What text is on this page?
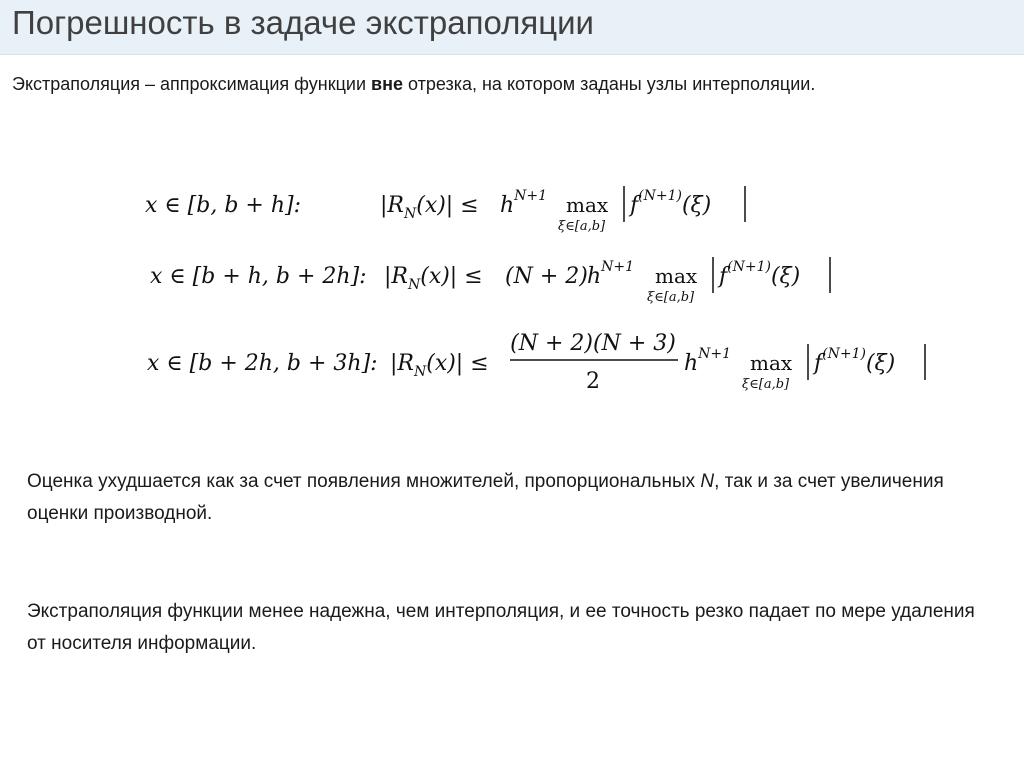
Погрешность в задаче экстраполяции
Экстраполяция – аппроксимация функции вне отрезка, на котором заданы узлы интерполяции.
x ∈ [b, b + h]:	$|R_N(x)| \le h^{N+1}$ max
ξ∈[a,b]
$f^{(N+1)}(\xi)$
x ∈ [b + h, b + 2h]: $|R_N(x)| \le (N + 2)$ $h^{N+1}$ max
ξ∈[a,b]
$f^{(N+1)}(\xi)$
x ∈ [b + 2h, b + 3h]: $|R_N(x)|$ ≤
(N + 2)(N + 3)
2
$h^{N+1}$ max
ξ∈[a,b]
$f^{(N+1)}(\xi)$
Оценка ухудшается как за счет появления множителей, пропорциональных N, так и за счет увеличения оценки производной.
Экстраполяция функции менее надежна, чем интерполяция, и ее точность резко падает по мере удаления от носителя информации.
